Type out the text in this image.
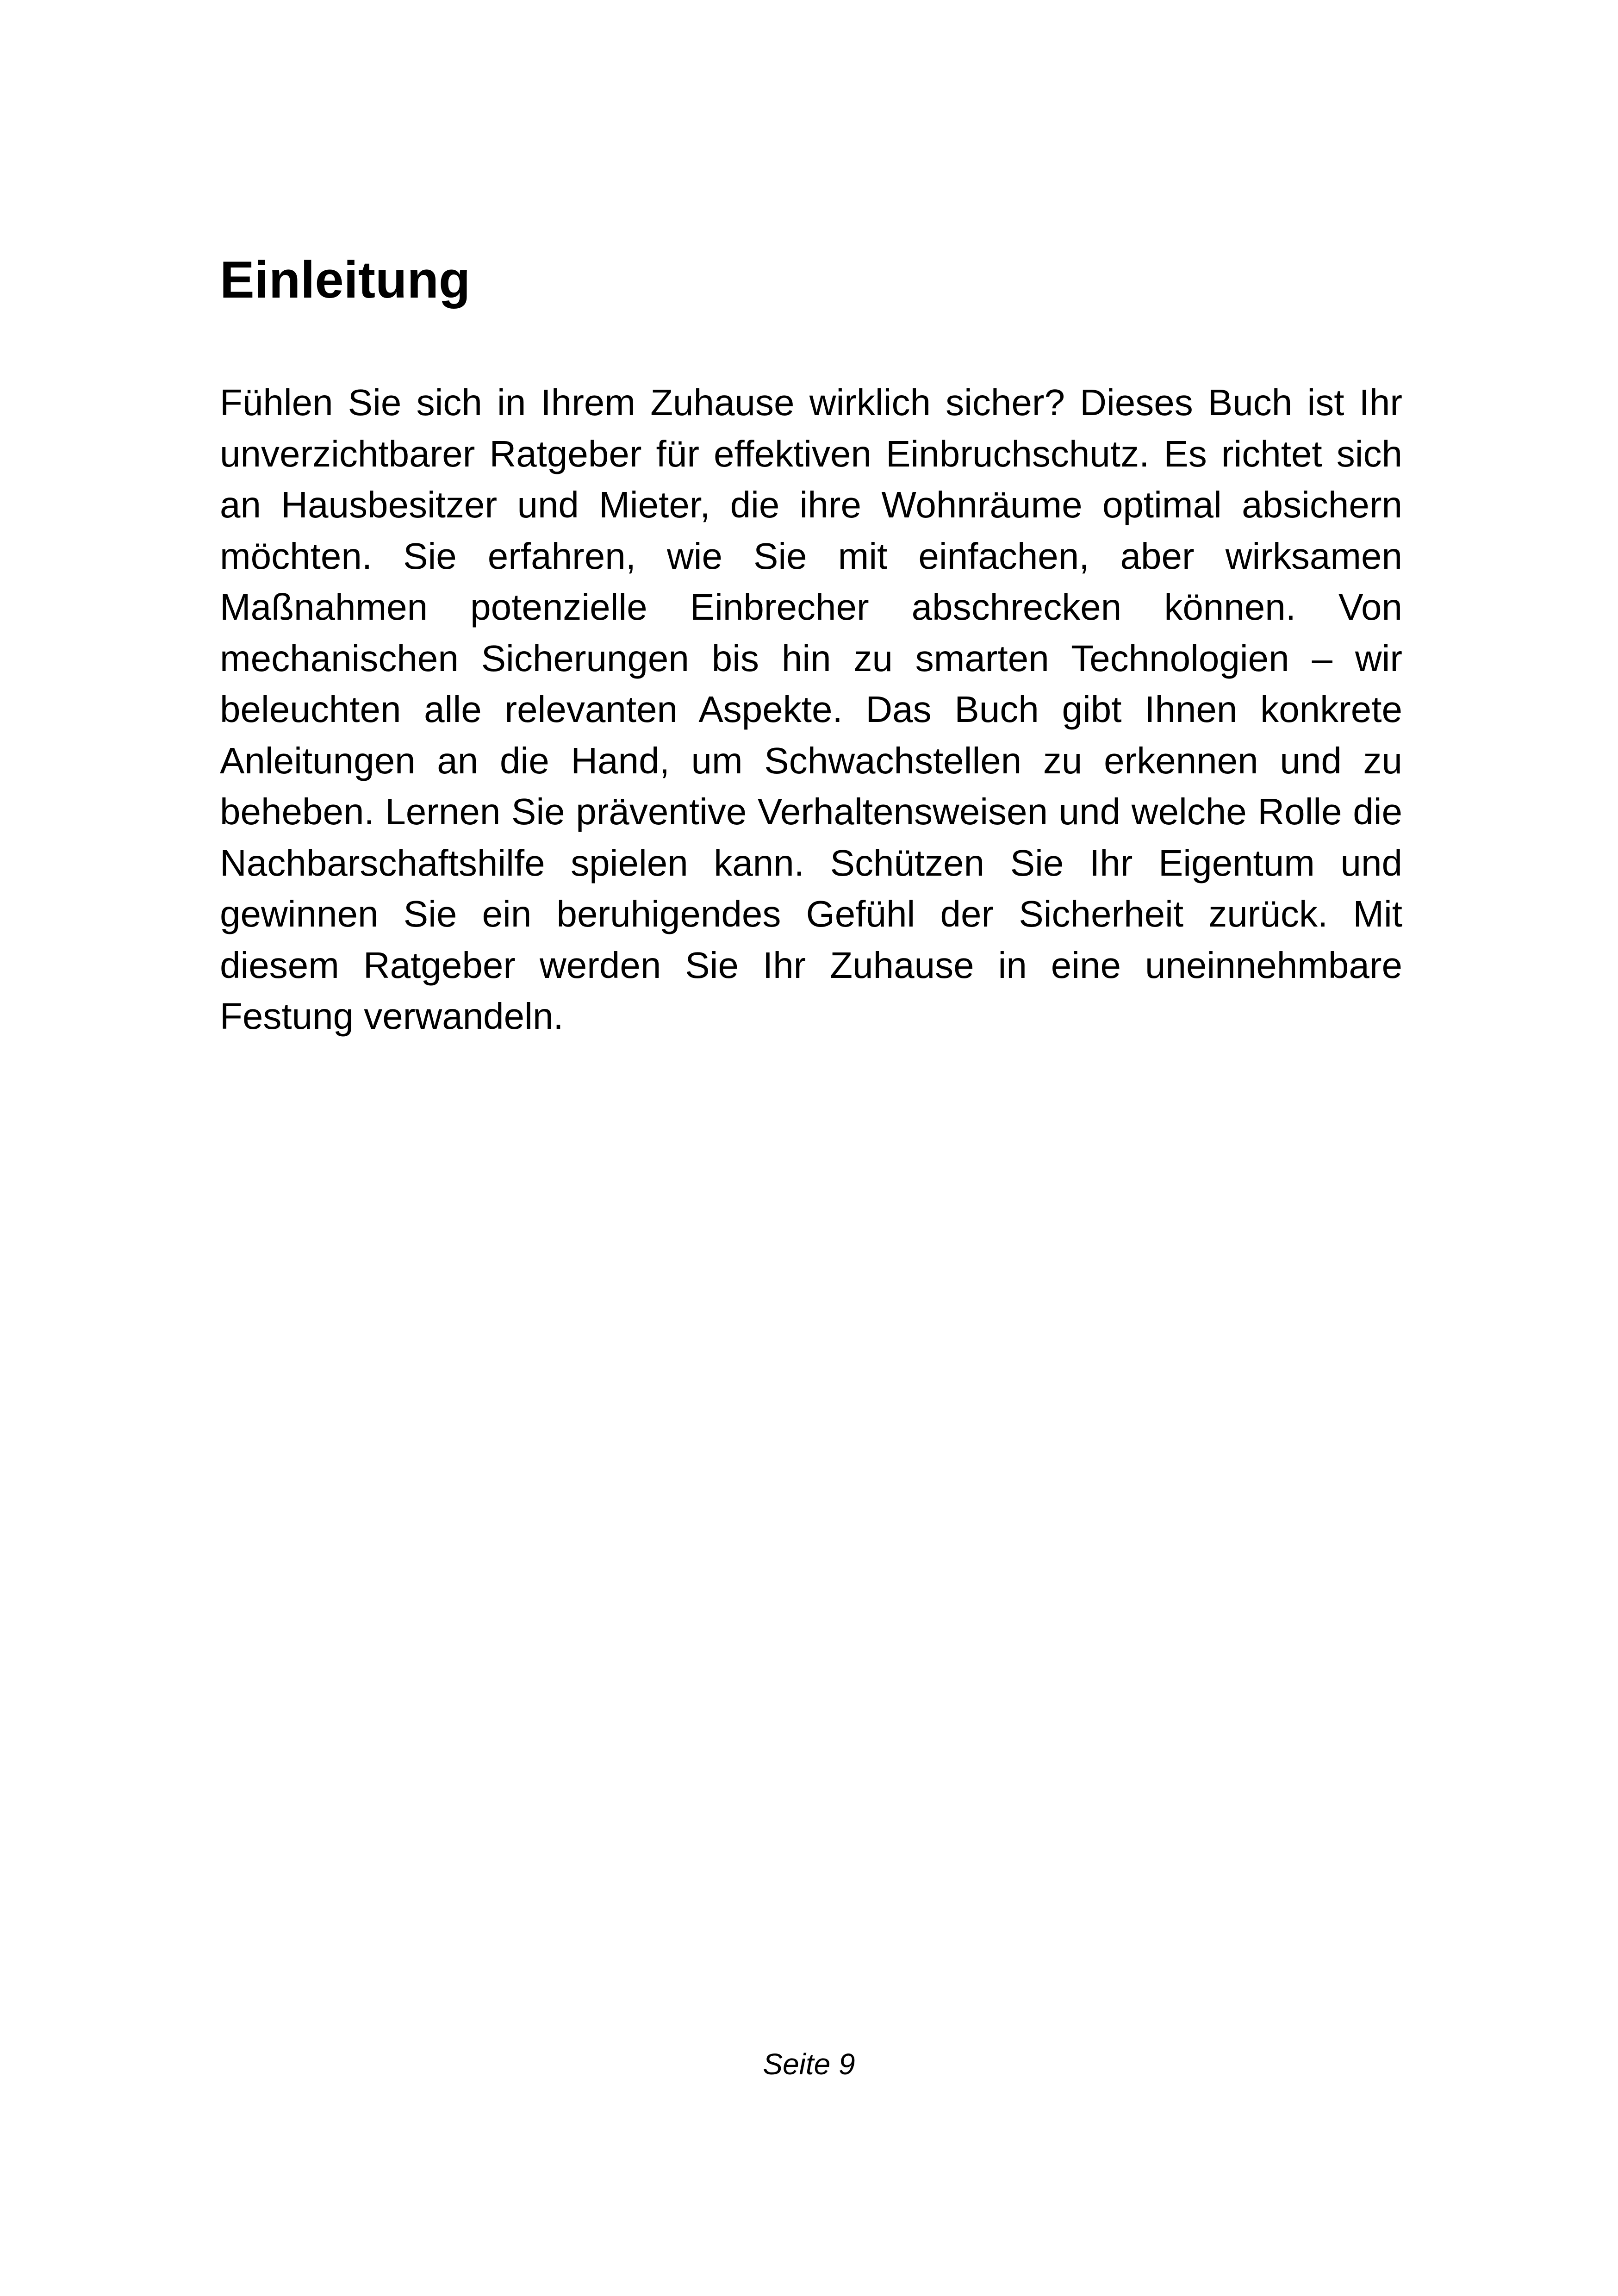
Einleitung

Fühlen Sie sich in Ihrem Zuhause wirklich sicher? Dieses Buch ist Ihr unverzichtbarer Ratgeber für effektiven Einbruchschutz. Es richtet sich an Hausbesitzer und Mieter, die ihre Wohnräume optimal absichern möchten. Sie erfahren, wie Sie mit einfachen, aber wirksamen Maßnahmen potenzielle Einbrecher abschrecken können. Von mechanischen Sicherungen bis hin zu smarten Technologien – wir beleuchten alle relevanten Aspekte. Das Buch gibt Ihnen konkrete Anleitungen an die Hand, um Schwachstellen zu erkennen und zu beheben. Lernen Sie präventive Verhaltensweisen und welche Rolle die Nachbarschaftshilfe spielen kann. Schützen Sie Ihr Eigentum und gewinnen Sie ein beruhigendes Gefühl der Sicherheit zurück. Mit diesem Ratgeber werden Sie Ihr Zuhause in eine uneinnehmbare Festung verwandeln.

Seite 9
